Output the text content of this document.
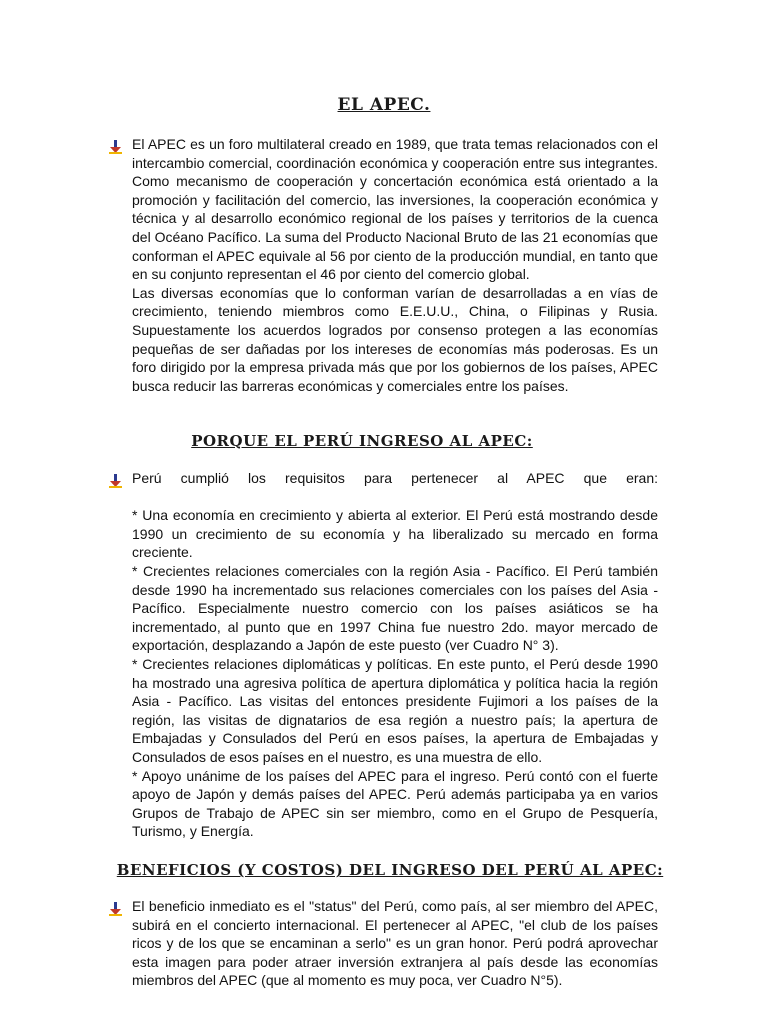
EL APEC.

El APEC es un foro multilateral creado en 1989, que trata temas relacionados con el intercambio comercial, coordinación económica y cooperación entre sus integrantes. Como mecanismo de cooperación y concertación económica está orientado a la promoción y facilitación del comercio, las inversiones, la cooperación económica y técnica y al desarrollo económico regional de los países y territorios de la cuenca del Océano Pacífico. La suma del Producto Nacional Bruto de las 21 economías que conforman el APEC equivale al 56 por ciento de la producción mundial, en tanto que en su conjunto representan el 46 por ciento del comercio global.

Las diversas economías que lo conforman varían de desarrolladas a en vías de crecimiento, teniendo miembros como E.E.U.U., China, o Filipinas y Rusia. Supuestamente los acuerdos logrados por consenso protegen a las economías pequeñas de ser dañadas por los intereses de economías más poderosas. Es un foro dirigido por la empresa privada más que por los gobiernos de los países, APEC busca reducir las barreras económicas y comerciales entre los países.

PORQUE EL PERÚ INGRESO AL APEC:

Perú cumplió los requisitos para pertenecer al APEC que eran:

* Una economía en crecimiento y abierta al exterior. El Perú está mostrando desde 1990 un crecimiento de su economía y ha liberalizado su mercado en forma creciente.

* Crecientes relaciones comerciales con la región Asia - Pacífico. El Perú también desde 1990 ha incrementado sus relaciones comerciales con los países del Asia - Pacífico. Especialmente nuestro comercio con los países asiáticos se ha incrementado, al punto que en 1997 China fue nuestro 2do. mayor mercado de exportación, desplazando a Japón de este puesto (ver Cuadro N° 3).

* Crecientes relaciones diplomáticas y políticas. En este punto, el Perú desde 1990 ha mostrado una agresiva política de apertura diplomática y política hacia la región Asia - Pacífico. Las visitas del entonces presidente Fujimori a los países de la región, las visitas de dignatarios de esa región a nuestro país; la apertura de Embajadas y Consulados del Perú en esos países, la apertura de Embajadas y Consulados de esos países en el nuestro, es una muestra de ello.

* Apoyo unánime de los países del APEC para el ingreso. Perú contó con el fuerte apoyo de Japón y demás países del APEC. Perú además participaba ya en varios Grupos de Trabajo de APEC sin ser miembro, como en el Grupo de Pesquería, Turismo, y Energía.

BENEFICIOS (Y COSTOS) DEL INGRESO DEL PERÚ AL APEC:

El beneficio inmediato es el "status" del Perú, como país, al ser miembro del APEC, subirá en el concierto internacional. El pertenecer al APEC, "el club de los países ricos y de los que se encaminan a serlo" es un gran honor. Perú podrá aprovechar esta imagen para poder atraer inversión extranjera al país desde las economías miembros del APEC (que al momento es muy poca, ver Cuadro N°5).
